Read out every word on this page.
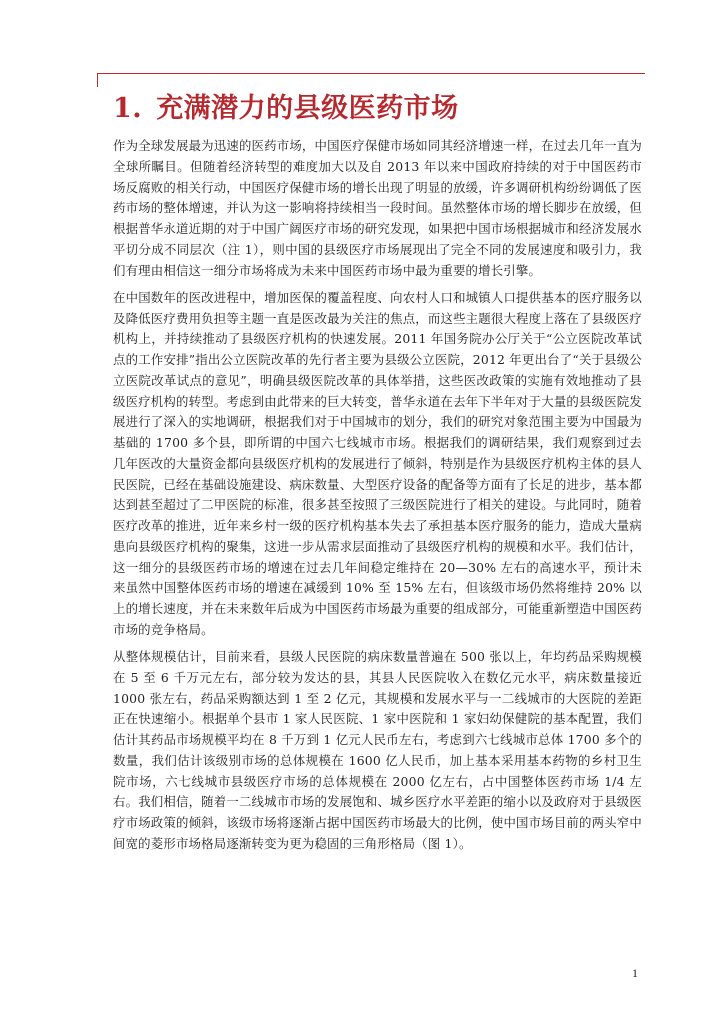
1. 充满潜力的县级医药市场

作为全球发展最为迅速的医药市场，中国医疗保健市场如同其经济增速一样，在过去几年一直为全球所瞩目。但随着经济转型的难度加大以及自 2013 年以来中国政府持续的对于中国医药市场反腐败的相关行动，中国医疗保健市场的增长出现了明显的放缓，许多调研机构纷纷调低了医药市场的整体增速，并认为这一影响将持续相当一段时间。虽然整体市场的增长脚步在放缓，但根据普华永道近期的对于中国广阔医疗市场的研究发现，如果把中国市场根据城市和经济发展水平切分成不同层次（注 1），则中国的县级医疗市场展现出了完全不同的发展速度和吸引力，我们有理由相信这一细分市场将成为未来中国医药市场中最为重要的增长引擎。

在中国数年的医改进程中，增加医保的覆盖程度、向农村人口和城镇人口提供基本的医疗服务以及降低医疗费用负担等主题一直是医改最为关注的焦点，而这些主题很大程度上落在了县级医疗机构上，并持续推动了县级医疗机构的快速发展。2011 年国务院办公厅关于“公立医院改革试点的工作安排”指出公立医院改革的先行者主要为县级公立医院，2012 年更出台了“关于县级公立医院改革试点的意见”，明确县级医院改革的具体举措，这些医改政策的实施有效地推动了县级医疗机构的转型。考虑到由此带来的巨大转变，普华永道在去年下半年对于大量的县级医院发展进行了深入的实地调研，根据我们对于中国城市的划分，我们的研究对象范围主要为中国最为基础的 1700 多个县，即所谓的中国六七线城市市场。根据我们的调研结果，我们观察到过去几年医改的大量资金都向县级医疗机构的发展进行了倾斜，特别是作为县级医疗机构主体的县人民医院，已经在基础设施建设、病床数量、大型医疗设备的配备等方面有了长足的进步，基本都达到甚至超过了二甲医院的标准，很多甚至按照了三级医院进行了相关的建设。与此同时，随着医疗改革的推进，近年来乡村一级的医疗机构基本失去了承担基本医疗服务的能力，造成大量病患向县级医疗机构的聚集，这进一步从需求层面推动了县级医疗机构的规模和水平。我们估计，这一细分的县级医药市场的增速在过去几年间稳定维持在 20—30% 左右的高速水平，预计未来虽然中国整体医药市场的增速在减缓到 10% 至 15% 左右，但该级市场仍然将维持 20% 以上的增长速度，并在未来数年后成为中国医药市场最为重要的组成部分，可能重新塑造中国医药市场的竞争格局。

从整体规模估计，目前来看，县级人民医院的病床数量普遍在 500 张以上，年均药品采购规模在 5 至 6 千万元左右，部分较为发达的县，其县人民医院收入在数亿元水平，病床数量接近 1000 张左右，药品采购额达到 1 至 2 亿元，其规模和发展水平与一二线城市的大医院的差距正在快速缩小。根据单个县市 1 家人民医院、1 家中医院和 1 家妇幼保健院的基本配置，我们估计其药品市场规模平均在 8 千万到 1 亿元人民币左右，考虑到六七线城市总体 1700 多个的数量，我们估计该级别市场的总体规模在 1600 亿人民币，加上基本采用基本药物的乡村卫生院市场，六七线城市县级医疗市场的总体规模在 2000 亿左右，占中国整体医药市场 1/4 左右。我们相信，随着一二线城市市场的发展饱和、城乡医疗水平差距的缩小以及政府对于县级医疗市场政策的倾斜，该级市场将逐渐占据中国医药市场最大的比例，使中国市场目前的两头窄中间宽的菱形市场格局逐渐转变为更为稳固的三角形格局（图 1）。

1
